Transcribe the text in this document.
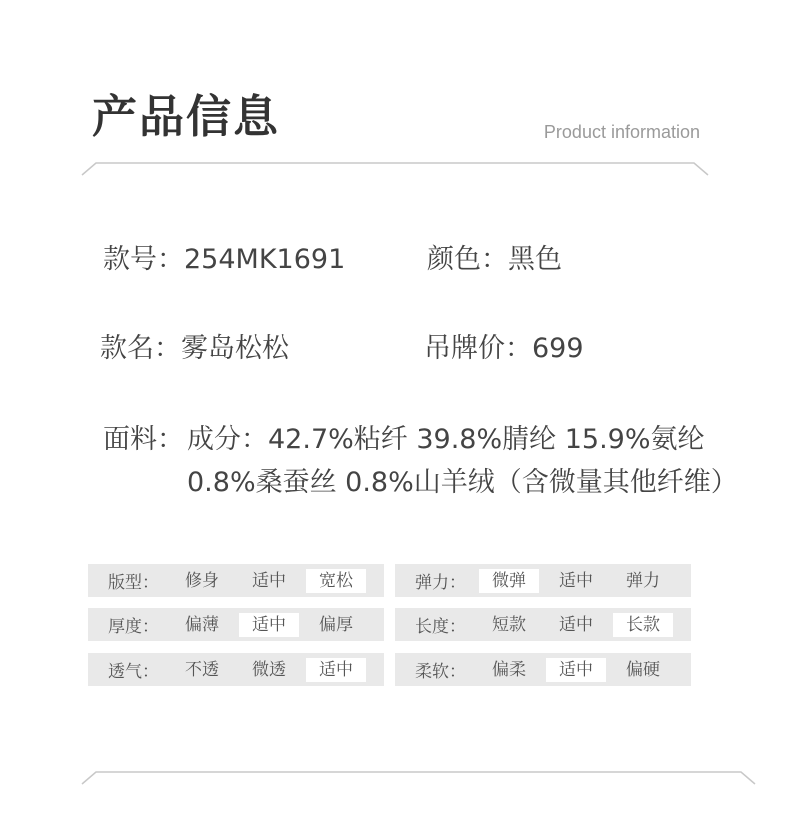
产品信息	Product information
款号：254MK1691	颜色：黑色
款名：雾岛松松	吊牌价：699
面料： 成分：42.7%粘纤 39.8%腈纶 15.9%氨纶
0.8%桑蚕丝 0.8%山羊绒（含微量其他纤维）
版型：	修身	适中	宽松
厚度：	偏薄	适中	偏厚
透气：	不透	微透	适中
弹力：	微弹	适中	弹力
长度：	短款	适中	长款
柔软：	偏柔	适中	偏硬
